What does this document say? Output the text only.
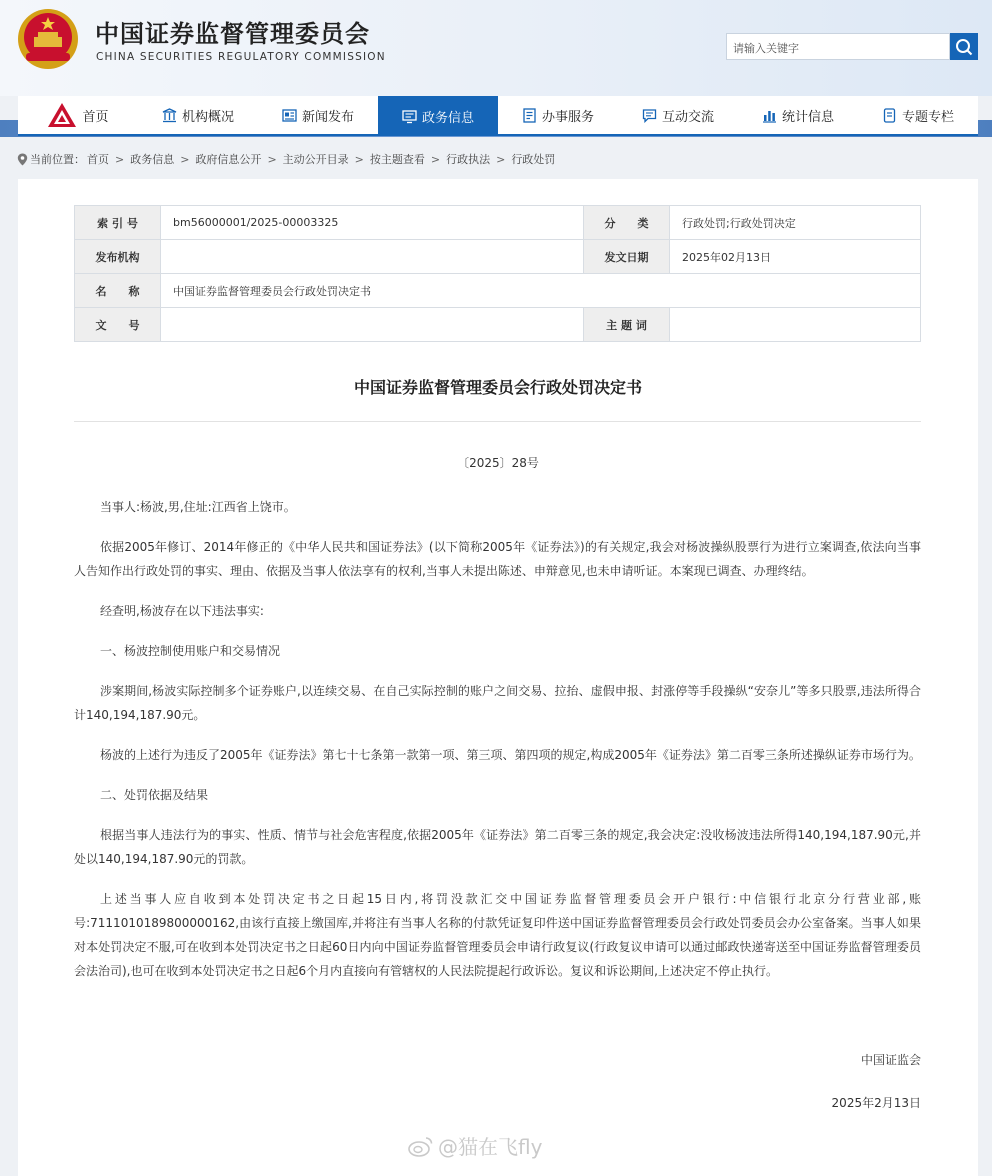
中国证券监督管理委员会
CHINA SECURITIES REGULATORY COMMISSION
请输入关键字
首页	机构概况	新闻发布	政务信息	办事服务	互动交流	统计信息	专题专栏
当前位置： 首页 > 政务信息 > 政府信息公开 > 主动公开目录 > 按主题查看 > 行政执法 > 行政处罚
索 引 号	bm56000001/2025-00003325	分　　类	行政处罚;行政处罚决定
发布机构		发文日期	2025年02月13日
名　　称	中国证券监督管理委员会行政处罚决定书		
文　　号		主 题 词	
中国证券监督管理委员会行政处罚决定书
〔2025〕28号

当事人:杨波,男,住址:江西省上饶市。

依据2005年修订、2014年修正的《中华人民共和国证券法》(以下简称2005年《证券法》)的有关规定,我会对杨波操纵股票行为进行立案调查,依法向当事人告知作出行政处罚的事实、理由、依据及当事人依法享有的权利,当事人未提出陈述、申辩意见,也未申请听证。本案现已调查、办理终结。

经查明,杨波存在以下违法事实:

一、杨波控制使用账户和交易情况

涉案期间,杨波实际控制多个证券账户,以连续交易、在自己实际控制的账户之间交易、拉抬、虚假申报、封涨停等手段操纵“安奈儿”等多只股票,违法所得合计140,194,187.90元。

杨波的上述行为违反了2005年《证券法》第七十七条第一款第一项、第三项、第四项的规定,构成2005年《证券法》第二百零三条所述操纵证券市场行为。

二、处罚依据及结果

根据当事人违法行为的事实、性质、情节与社会危害程度,依据2005年《证券法》第二百零三条的规定,我会决定:没收杨波违法所得140,194,187.90元,并处以140,194,187.90元的罚款。

上述当事人应自收到本处罚决定书之日起15日内,将罚没款汇交中国证券监督管理委员会开户银行:中信银行北京分行营业部,账号:7111010189800000162,由该行直接上缴国库,并将注有当事人名称的付款凭证复印件送中国证券监督管理委员会行政处罚委员会办公室备案。当事人如果对本处罚决定不服,可在收到本处罚决定书之日起60日内向中国证券监督管理委员会申请行政复议(行政复议申请可以通过邮政快递寄送至中国证券监督管理委员会法治司),也可在收到本处罚决定书之日起6个月内直接向有管辖权的人民法院提起行政诉讼。复议和诉讼期间,上述决定不停止执行。

中国证监会
2025年2月13日
@猫在飞fly
